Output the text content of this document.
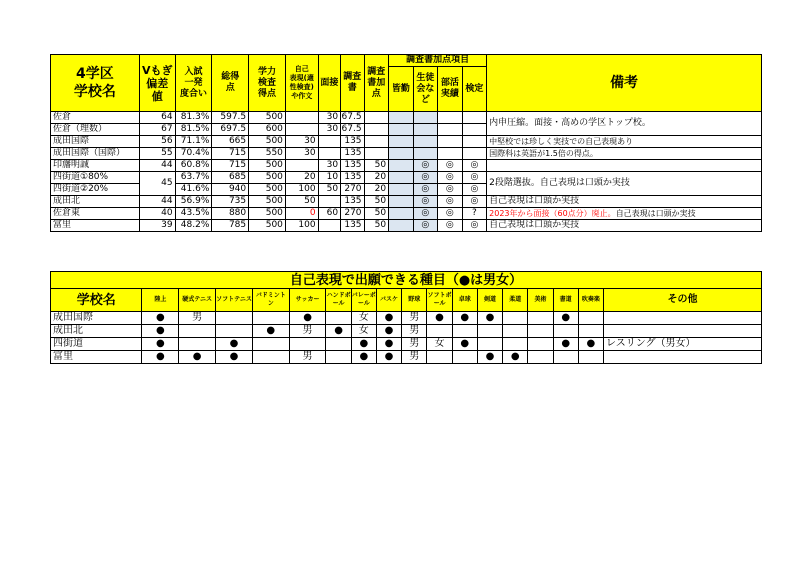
4学区
学校名	Vもぎ
偏差
値	入試
一発
度合い	総得
点	学力
検査
得点	自己
表現(適
性検査)
や作文	面接	調査
書	調査
書加
点	調査書加点項目				備考
									皆勤	生徒
会な
ど	部活
実績	検定	
佐倉	64	81.3%	597.5	500		30	67.5						内申圧縮。面接・高めの学区トップ校。
佐倉（理数）	67	81.5%	697.5	600		30	67.5						
成田国際	56	71.1%	665	500	30		135						中堅校では珍しく実技での自己表現あり
成田国際（国際）	55	70.4%	715	550	30		135						国際科は英語が1.5倍の得点。
印旛明誠	44	60.8%	715	500		30	135	50		◎	◎	◎	
四街道①80%	45	63.7%	685	500	20	10	135	20		◎	◎	◎	2段階選抜。自己表現は口頭か実技
四街道②20%		41.6%	940	500	100	50	270	20		◎	◎	◎	
成田北	44	56.9%	735	500	50		135	50		◎	◎	◎	自己表現は口頭か実技
佐倉東	40	43.5%	880	500	0	60	270	50		◎	◎	?	2023年から面接（60点分）廃止。自己表現は口頭か実技
富里	39	48.2%	785	500	100		135	50		◎	◎	◎	自己表現は口頭か実技
自己表現で出願できる種目（●は男女）																	
学校名	陸上	硬式テニス	ソフトテニス	バドミントン	サッカー	ハンドボール	バレーボール	バスケ	野球	ソフトボール	卓球	剣道	柔道	美術	書道	吹奏楽	その他
成田国際	●	男			●		女	●	男	●	●	●			●		
成田北	●			●	男	●	女	●	男								
四街道	●		●				●	●	男	女	●				●	●	レスリング（男女）
富里	●	●	●		男		●	●	男			●	●				
